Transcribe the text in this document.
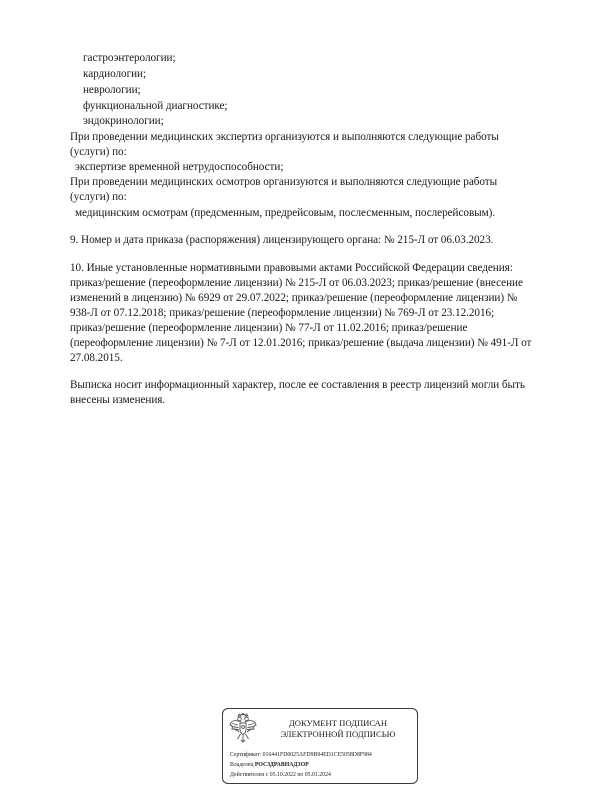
гастроэнтерологии;
кардиологии;
неврологии;
функциональной диагностике;
эндокринологии;
При проведении медицинских экспертиз организуются и выполняются следующие работы
(услуги) по:
экспертизе временной нетрудоспособности;
При проведении медицинских осмотров организуются и выполняются следующие работы
(услуги) по:
медицинским осмотрам (предсменным, предрейсовым, послесменным, послерейсовым).
9. Номер и дата приказа (распоряжения) лицензирующего органа: № 215-Л от 06.03.2023.
10. Иные установленные нормативными правовыми актами Российской Федерации сведения:
приказ/решение (переоформление лицензии) № 215-Л от 06.03.2023; приказ/решение (внесение
изменений в лицензию) № 6929 от 29.07.2022; приказ/решение (переоформление лицензии) №
938-Л от 07.12.2018; приказ/решение (переоформление лицензии) № 769-Л от 23.12.2016;
приказ/решение (переоформление лицензии) № 77-Л от 11.02.2016; приказ/решение
(переоформление лицензии) № 7-Л от 12.01.2016; приказ/решение (выдача лицензии) № 491-Л от
27.08.2015.
Выписка носит информационный характер, после ее составления в реестр лицензий могли быть
внесены изменения.
ДОКУМЕНТ ПОДПИСАН
ЭЛЕКТРОННОЙ ПОДПИСЬЮ
Сертификат: 016441FD0025AFD9B94ED1CE5058D8F984
Владелец РОСЗДРАВНАДЗОР
Действителен с 05.10.2022 по 05.01.2024
